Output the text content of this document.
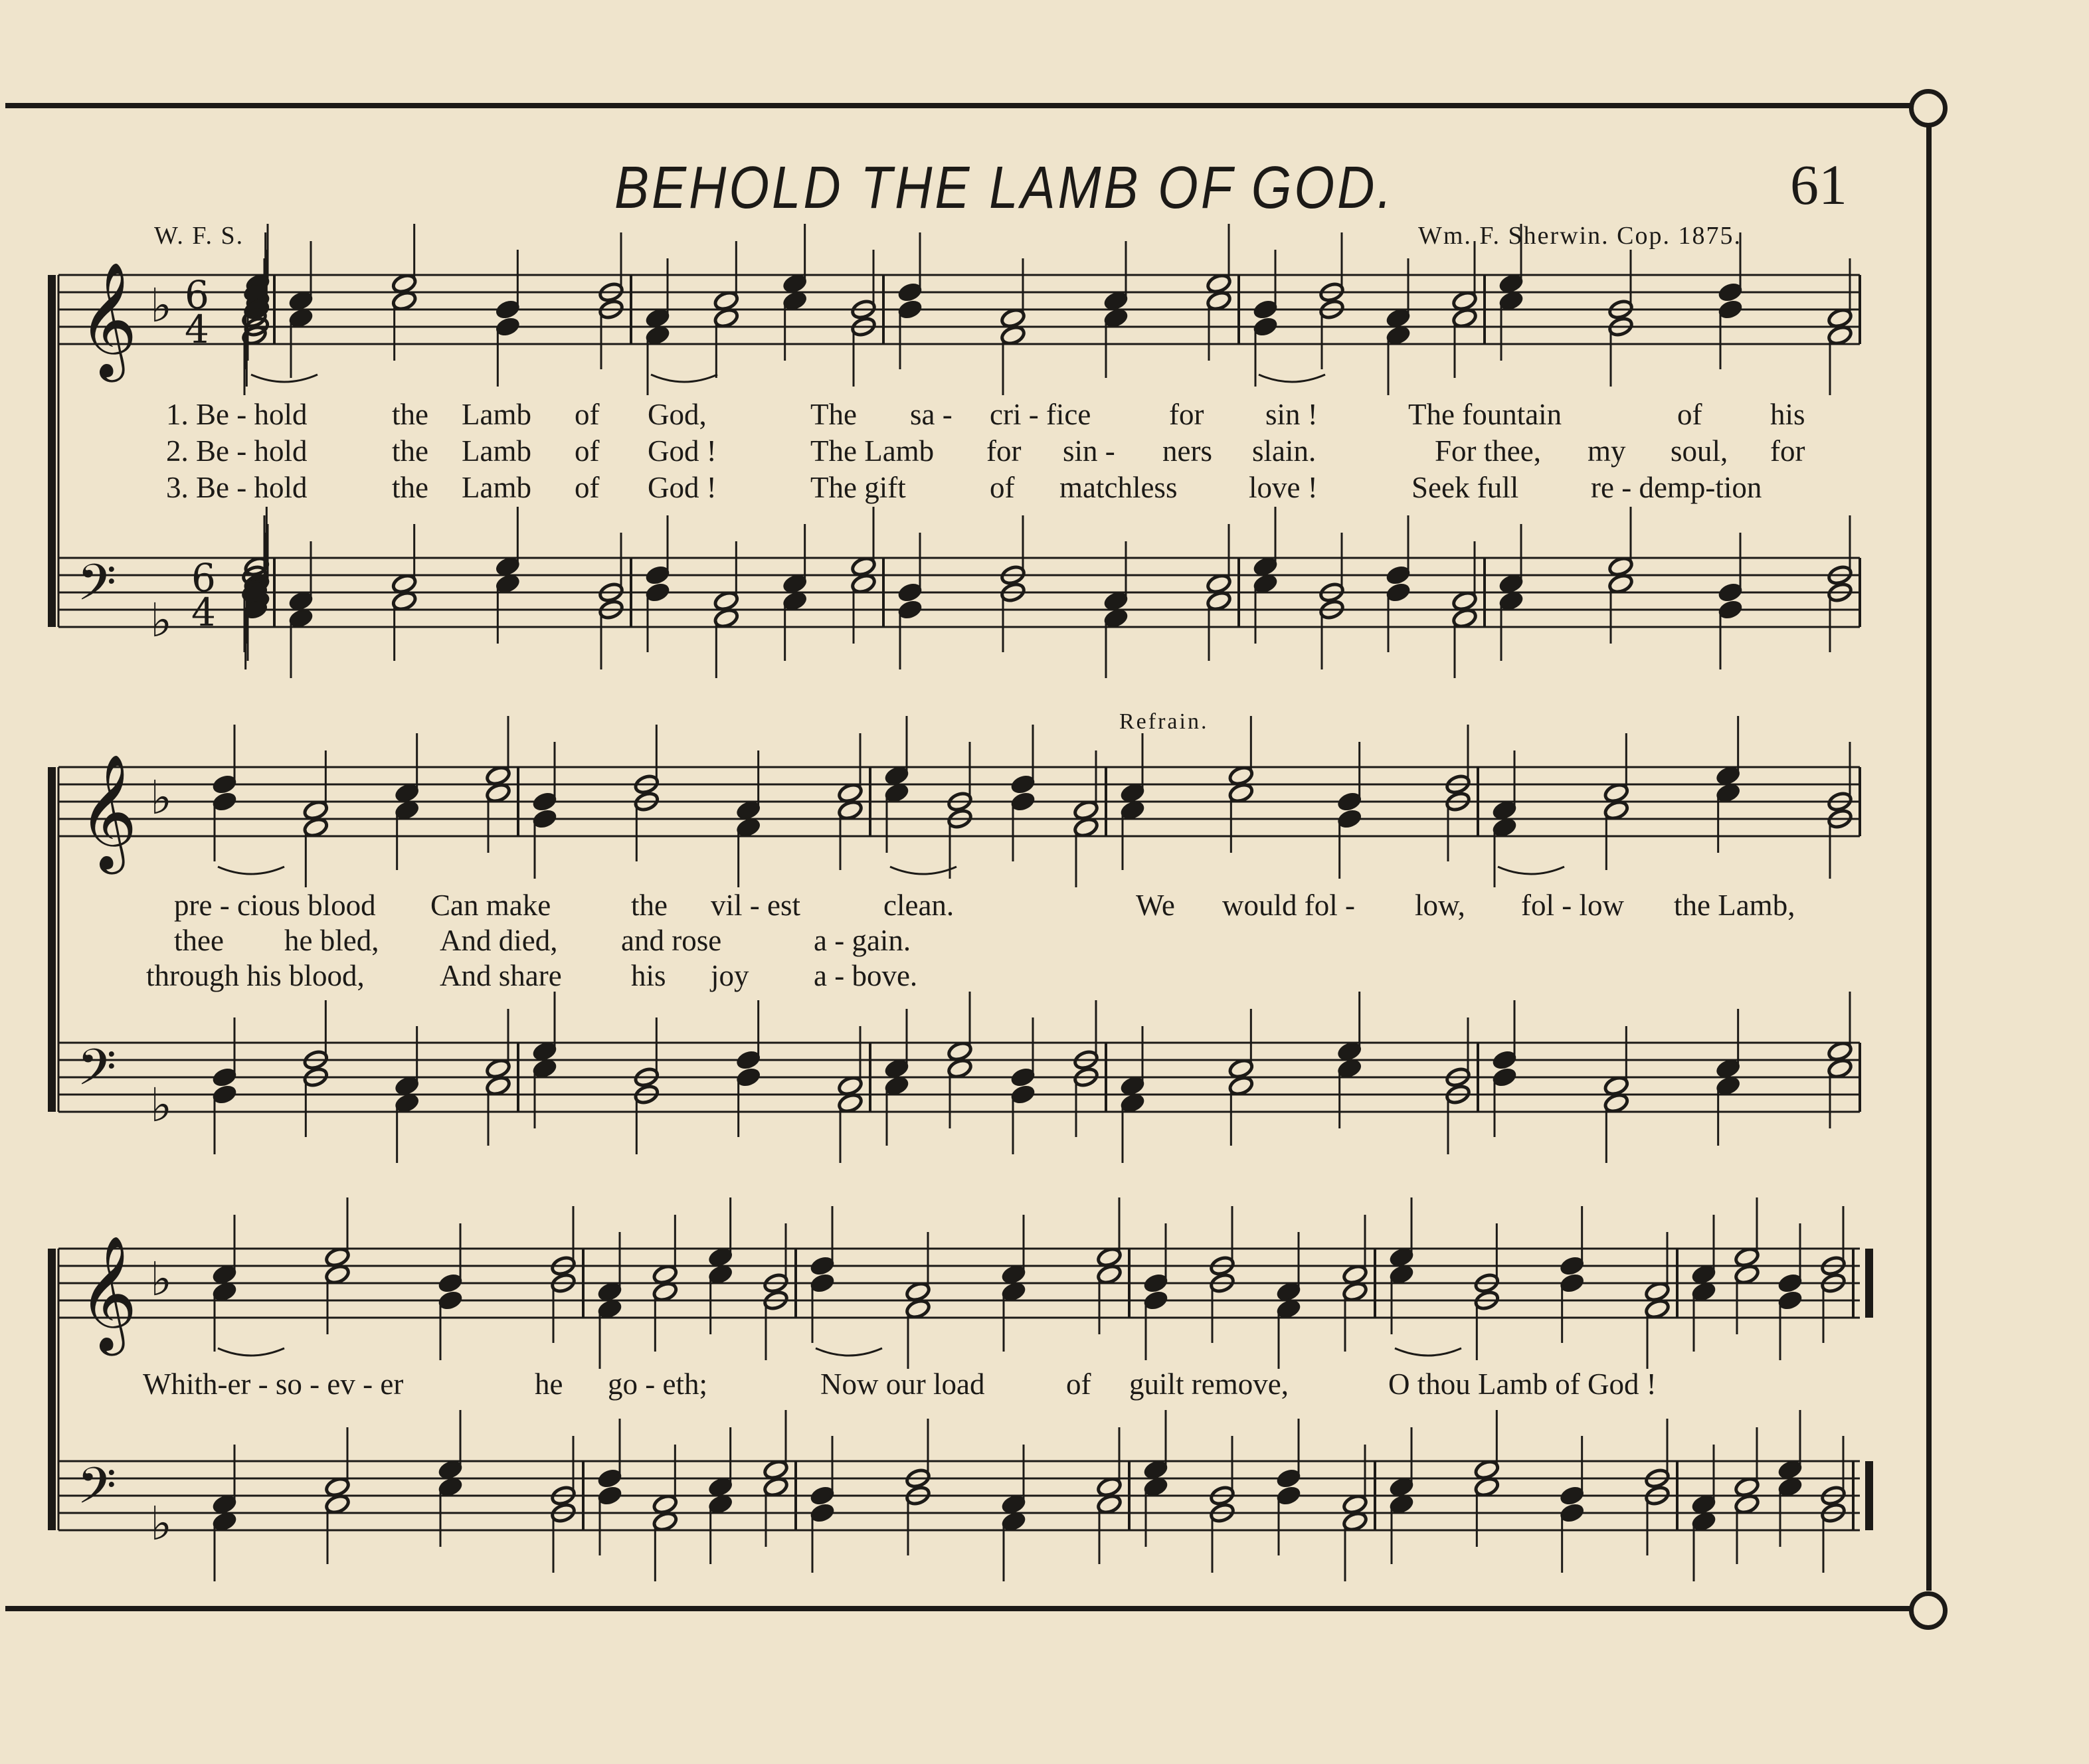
BEHOLD THE LAMB OF GOD.	61
W. F. S.	Wm. F. Sherwin. Cop. 1875.
𝄞
𝄢
♭
♭
6
4
6
4
𝄞
𝄢
♭
♭
𝄞
𝄢
♭
♭
1. Be - hold	the Lamb of God,	The sa - cri - fice	for sin !	The fountain	of his
2. Be - hold	the Lamb of God !	The Lamb for sin - ners slain.	For thee, my soul, for
3. Be - hold	the Lamb of God !	The gift	of matchless love !	Seek full re - demp-tion
Refrain.
pre - cious blood Can make	the vil - est	clean.	We would fol - low, fol - low the Lamb,
thee he bled, And died, and rose	a - gain.
through his blood,	And share his joy a - bove.
Whith-er - so - ev - er	he go - eth;	Now our load	of guilt remove,	O thou Lamb of God !
